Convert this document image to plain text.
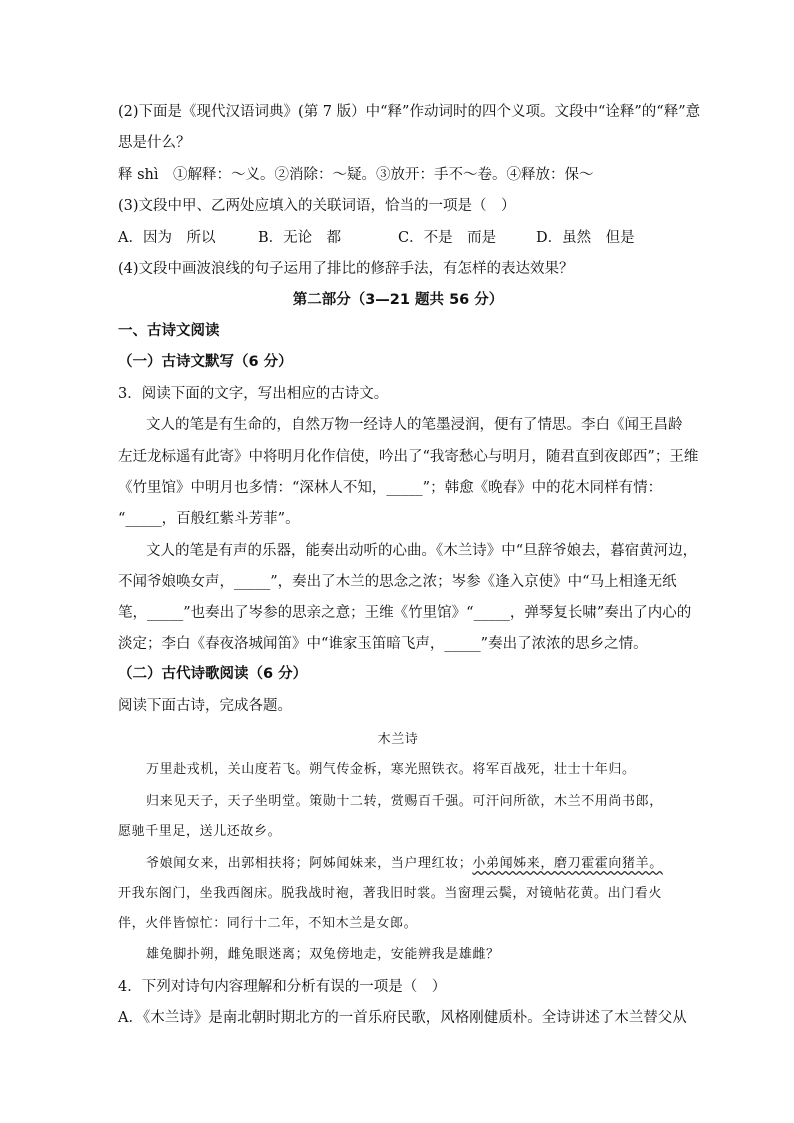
(2)下面是《现代汉语词典》(第 7 版）中“释”作动词时的四个义项。文段中“诠释”的“释”意
思是什么？
释 shì　①解释：～义。②消除：～疑。③放开：手不～卷。④释放：保～
(3)文段中甲、乙两处应填入的关联词语，恰当的一项是（　）
A．因为　所以	B．无论　都	C．不是　而是	D．虽然　但是
(4)文段中画波浪线的句子运用了排比的修辞手法，有怎样的表达效果？
第二部分（3—21 题共 56 分）
一、古诗文阅读
（一）古诗文默写（6 分）
3．阅读下面的文字，写出相应的古诗文。
文人的笔是有生命的，自然万物一经诗人的笔墨浸润，便有了情思。李白《闻王昌龄
左迁龙标遥有此寄》中将明月化作信使，吟出了“我寄愁心与明月，随君直到夜郎西”；王维
《竹里馆》中明月也多情：“深林人不知，_____”；韩愈《晚春》中的花木同样有情：
“_____，百般红紫斗芳菲”。
文人的笔是有声的乐器，能奏出动听的心曲。《木兰诗》中“旦辞爷娘去，暮宿黄河边，
不闻爷娘唤女声，_____”，奏出了木兰的思念之浓；岑参《逢入京使》中“马上相逢无纸
笔，_____”也奏出了岑参的思亲之意；王维《竹里馆》“_____，弹琴复长啸”奏出了内心的
淡定；李白《春夜洛城闻笛》中“谁家玉笛暗飞声，_____”奏出了浓浓的思乡之情。
（二）古代诗歌阅读（6 分）
阅读下面古诗，完成各题。
木兰诗
万里赴戎机，关山度若飞。朔气传金柝，寒光照铁衣。将军百战死，壮士十年归。
归来见天子，天子坐明堂。策勋十二转，赏赐百千强。可汗问所欲，木兰不用尚书郎，
愿驰千里足，送儿还故乡。
爷娘闻女来，出郭相扶将；阿姊闻妹来，当户理红妆；小弟闻姊来，磨刀霍霍向猪羊。
开我东阁门，坐我西阁床。脱我战时袍，著我旧时裳。当窗理云鬓，对镜帖花黄。出门看火
伴，火伴皆惊忙：同行十二年，不知木兰是女郎。
雄兔脚扑朔，雌兔眼迷离；双兔傍地走，安能辨我是雄雌？
4．下列对诗句内容理解和分析有误的一项是（　）
A．《木兰诗》是南北朝时期北方的一首乐府民歌，风格刚健质朴。全诗讲述了木兰替父从
